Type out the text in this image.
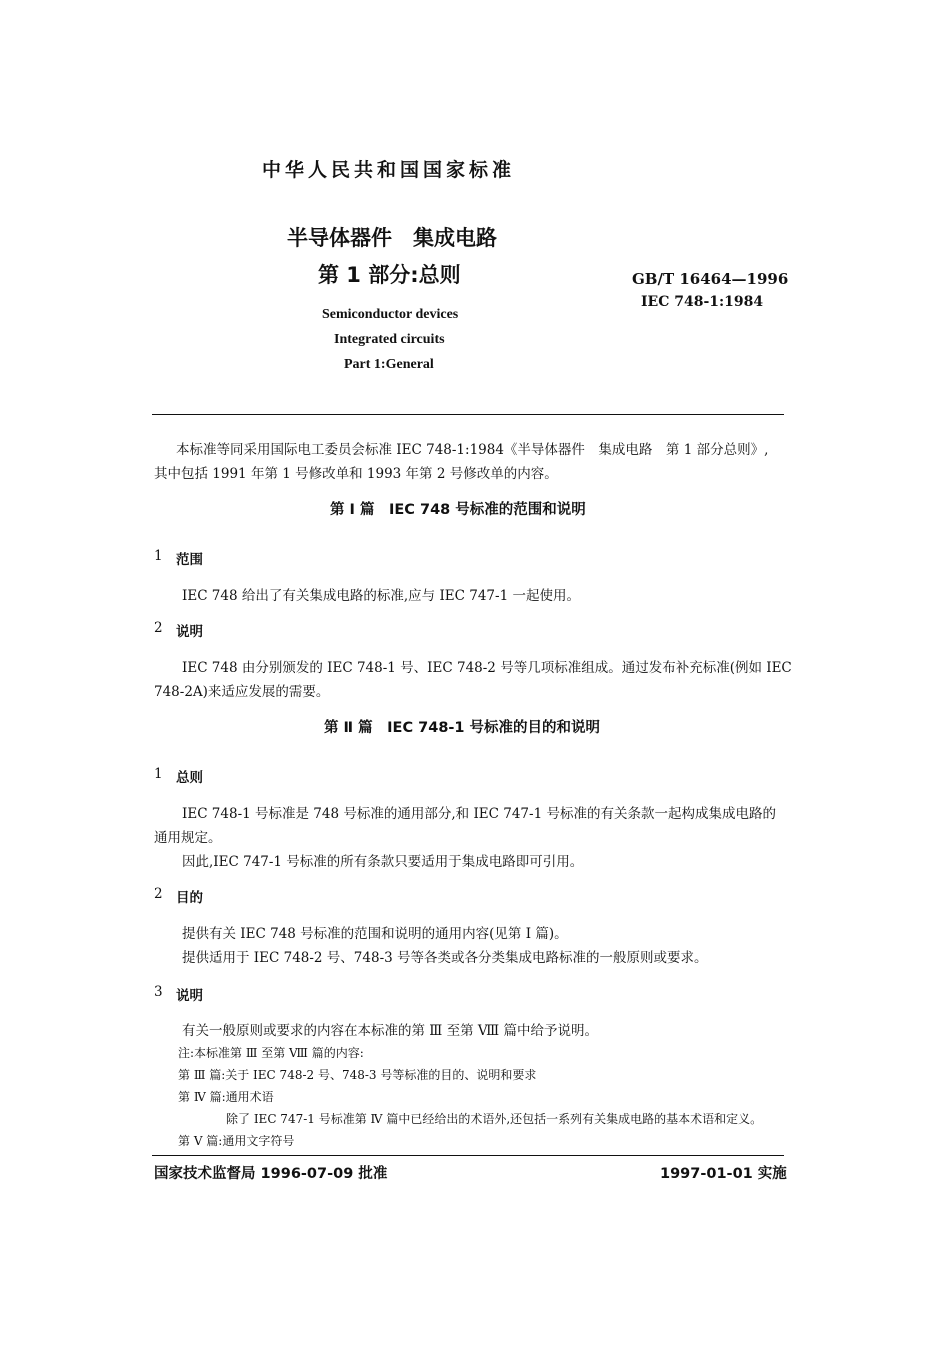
中华人民共和国国家标准
半导体器件　集成电路
第 1 部分:总则	GB/T 16464—1996
IEC 748-1:1984
Semiconductor devices
Integrated circuits
Part 1:General
本标准等同采用国际电工委员会标准 IEC 748-1:1984《半导体器件　集成电路　第 1 部分总则》,
其中包括 1991 年第 1 号修改单和 1993 年第 2 号修改单的内容。
第 Ⅰ 篇　IEC 748 号标准的范围和说明
1 范围
IEC 748 给出了有关集成电路的标准,应与 IEC 747-1 一起使用。
2 说明
IEC 748 由分别颁发的 IEC 748-1 号、IEC 748-2 号等几项标准组成。通过发布补充标准(例如 IEC
748-2A)来适应发展的需要。
第 Ⅱ 篇　IEC 748-1 号标准的目的和说明
1 总则
IEC 748-1 号标准是 748 号标准的通用部分,和 IEC 747-1 号标准的有关条款一起构成集成电路的
通用规定。
因此,IEC 747-1 号标准的所有条款只要适用于集成电路即可引用。
2 目的
提供有关 IEC 748 号标准的范围和说明的通用内容(见第 Ⅰ 篇)。
提供适用于 IEC 748-2 号、748-3 号等各类或各分类集成电路标准的一般原则或要求。
3 说明
有关一般原则或要求的内容在本标准的第 Ⅲ 至第 Ⅷ 篇中给予说明。
注:本标准第 Ⅲ 至第 Ⅷ 篇的内容:
第 Ⅲ 篇:关于 IEC 748-2 号、748-3 号等标准的目的、说明和要求
第 Ⅳ 篇:通用术语
除了 IEC 747-1 号标准第 Ⅳ 篇中已经给出的术语外,还包括一系列有关集成电路的基本术语和定义。
第 Ⅴ 篇:通用文字符号
国家技术监督局 1996-07-09 批准	1997-01-01 实施
